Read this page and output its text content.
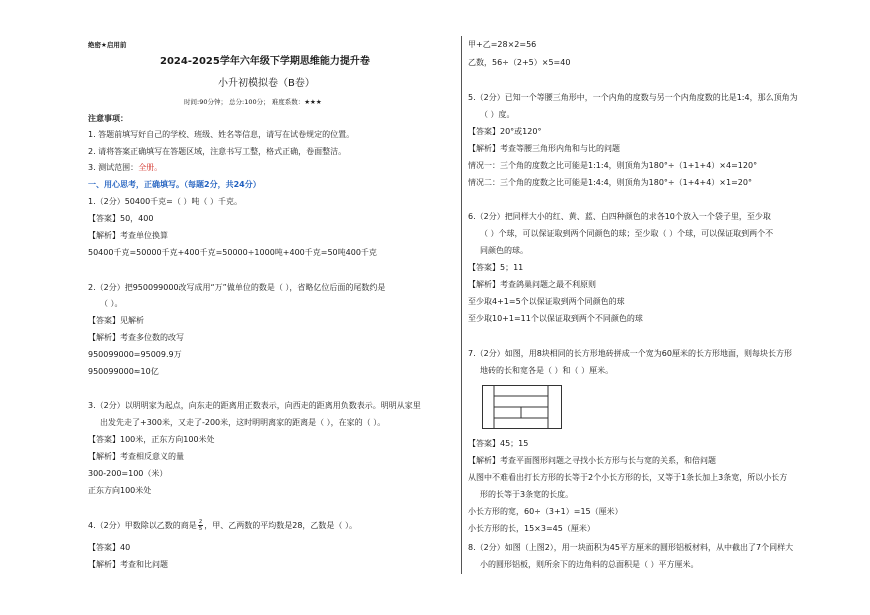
绝密★启用前
2024-2025学年六年级下学期思维能力提升卷
小升初模拟卷（B卷）
时间:90分钟； 总分:100分； 难度系数：★★★
注意事项：
1. 答题前填写好自己的学校、班级、姓名等信息，请写在试卷规定的位置。
2. 请将答案正确填写在答题区域，注意书写工整，格式正确，卷面整洁。
3. 测试范围：全册。
一、用心思考，正确填写。（每题2分，共24分）
1.（2分）50400千克=（ ）吨（ ）千克。
【答案】50，400
【解析】考查单位换算
50400千克=50000千克+400千克=50000÷1000吨+400千克=50吨400千克
2.（2分）把950099000改写成用“万”做单位的数是（ ），省略亿位后面的尾数约是
（ ）。
【答案】见解析
【解析】考查多位数的改写
950099000=95009.9万
950099000≈10亿
3.（2分）以明明家为起点，向东走的距离用正数表示，向西走的距离用负数表示。明明从家里
出发先走了+300米，又走了-200米，这时明明离家的距离是（ ），在家的（ ）。
【答案】100米，正东方向100米处
【解析】考查相反意义的量
300-200=100（米）
正东方向100米处
4.（2分）甲数除以乙数的商是 $\frac{2}{5}$ ，甲、乙两数的平均数是28，乙数是（ ）。
【答案】40
【解析】考查和比问题
甲+乙=28×2=56
乙数，56÷（2+5）×5=40
5.（2分）已知一个等腰三角形中，一个内角的度数与另一个内角度数的比是1:4，那么顶角为
（ ）度。
【答案】20°或120°
【解析】考查等腰三角形内角和与比的问题
情况一：三个角的度数之比可能是1:1:4，则顶角为180°÷（1+1+4）×4=120°
情况二：三个角的度数之比可能是1:4:4，则顶角为180°÷（1+4+4）×1=20°
6.（2分）把同样大小的红、黄、蓝、白四种颜色的求各10个放入一个袋子里，至少取
（ ）个球，可以保证取到两个同颜色的球；至少取（ ）个球，可以保证取到两个不
同颜色的球。
【答案】5；11
【解析】考查鸽巢问题之最不利原则
至少取4+1=5个以保证取到两个同颜色的球
至少取10+1=11个以保证取到两个不同颜色的球
7.（2分）如图，用8块相同的长方形地砖拼成一个宽为60厘米的长方形地面，则每块长方形
地砖的长和宽各是（ ）和（ ）厘米。
【答案】45；15
【解析】考查平面图形问题之寻找小长方形与长与宽的关系，和倍问题
从图中不难看出打长方形的长等于2个小长方形的长，又等于1条长加上3条宽，所以小长方
形的长等于3条宽的长度。
小长方形的宽，60÷（3+1）=15（厘米）
小长方形的长，15×3=45（厘米）
8.（2分）如图（上图2），用一块面积为45平方厘米的圆形铝板材料，从中截出了7个同样大
小的圆形铝板，则所余下的边角料的总面积是（ ）平方厘米。
